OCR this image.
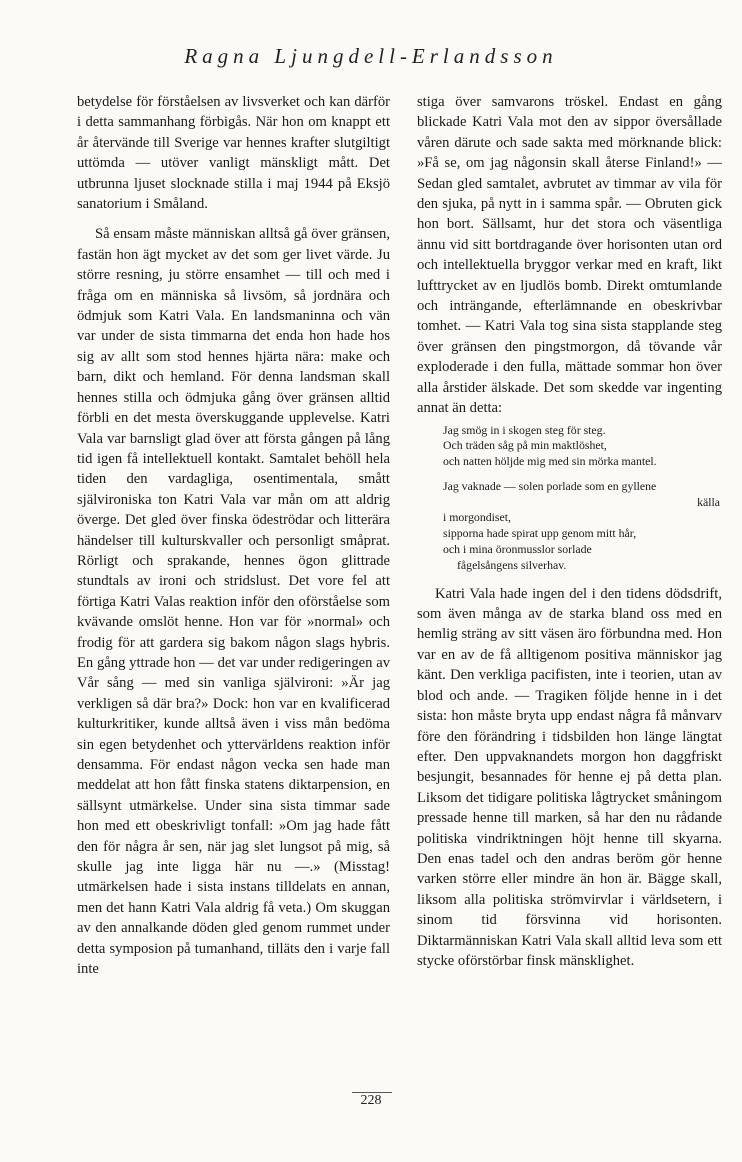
Ragna Ljungdell-Erlandsson

betydelse för förståelsen av livsverket och kan därför i detta sammanhang förbigås. När hon om knappt ett år återvände till Sverige var hennes krafter slutgiltigt uttömda — utöver vanligt mänskligt mått. Det utbrunna ljuset slocknade stilla i maj 1944 på Eksjö sanatorium i Småland.

Så ensam måste människan alltså gå över gränsen, fastän hon ägt mycket av det som ger livet värde. Ju större resning, ju större ensamhet — till och med i fråga om en människa så livsöm, så jordnära och ödmjuk som Katri Vala. En landsmaninna och vän var under de sista timmarna det enda hon hade hos sig av allt som stod hennes hjärta nära: make och barn, dikt och hemland. För denna landsman skall hennes stilla och ödmjuka gång över gränsen alltid förbli en det mesta överskuggande upplevelse. Katri Vala var barnsligt glad över att första gången på lång tid igen få intellektuell kontakt. Samtalet behöll hela tiden den vardagliga, osentimentala, smått självironiska ton Katri Vala var mån om att aldrig överge. Det gled över finska ödeströdar och litterära händelser till kulturskvaller och personligt småprat. Rörligt och sprakande, hennes ögon glittrade stundtals av ironi och stridslust. Det vore fel att förtiga Katri Valas reaktion inför den oförståelse som kvävande omslöt henne. Hon var för »normal» och frodig för att gardera sig bakom någon slags hybris. En gång yttrade hon — det var under redigeringen av Vår sång — med sin vanliga självironi: »Är jag verkligen så där bra?» Dock: hon var en kvalificerad kulturkritiker, kunde alltså även i viss mån bedöma sin egen betydenhet och yttervärldens reaktion inför densamma. För endast någon vecka sen hade man meddelat att hon fått finska statens diktarpension, en sällsynt utmärkelse. Under sina sista timmar sade hon med ett obeskrivligt tonfall: »Om jag hade fått den för några år sen, när jag slet lungsot på mig, så skulle jag inte ligga här nu —.» (Misstag! utmärkelsen hade i sista instans tilldelats en annan, men det hann Katri Vala aldrig få veta.) Om skuggan av den annalkande döden gled genom rummet under detta symposion på tumanhand, tilläts den i varje fall inte

stiga över samvarons tröskel. Endast en gång blickade Katri Vala mot den av sippor översållade våren därute och sade sakta med mörknande blick: »Få se, om jag någonsin skall återse Finland!» — Sedan gled samtalet, avbrutet av timmar av vila för den sjuka, på nytt in i samma spår. — Obruten gick hon bort. Sällsamt, hur det stora och väsentliga ännu vid sitt bortdragande över horisonten utan ord och intellektuella bryggor verkar med en kraft, likt lufttrycket av en ljudlös bomb. Direkt omtumlande och inträngande, efterlämnande en obeskrivbar tomhet. — Katri Vala tog sina sista stapplande steg över gränsen den pingstmorgon, då tövande vår exploderade i den fulla, mättade sommar hon över alla årstider älskade. Det som skedde var ingenting annat än detta:

Jag smög in i skogen steg för steg.
Och träden såg på min maktlöshet,
och natten höljde mig med sin mörka mantel.
Jag vaknade — solen porlade som en gyllene
källa
i morgondiset,
sipporna hade spirat upp genom mitt hår,
och i mina öronmusslor sorlade
fågelsångens silverhav.

Katri Vala hade ingen del i den tidens dödsdrift, som även många av de starka bland oss med en hemlig sträng av sitt väsen äro förbundna med. Hon var en av de få alltigenom positiva människor jag känt. Den verkliga pacifisten, inte i teorien, utan av blod och ande. — Tragiken följde henne in i det sista: hon måste bryta upp endast några få månvarv före den förändring i tidsbilden hon länge längtat efter. Den uppvaknandets morgon hon daggfriskt besjungit, besannades för henne ej på detta plan. Liksom det tidigare politiska lågtrycket småningom pressade henne till marken, så har den nu rådande politiska vindriktningen höjt henne till skyarna. Den enas tadel och den andras beröm gör henne varken större eller mindre än hon är. Bägge skall, liksom alla politiska strömvirvlar i världsetern, i sinom tid försvinna vid horisonten. Diktarmänniskan Katri Vala skall alltid leva som ett stycke oförstörbar finsk mänsklighet.

228
